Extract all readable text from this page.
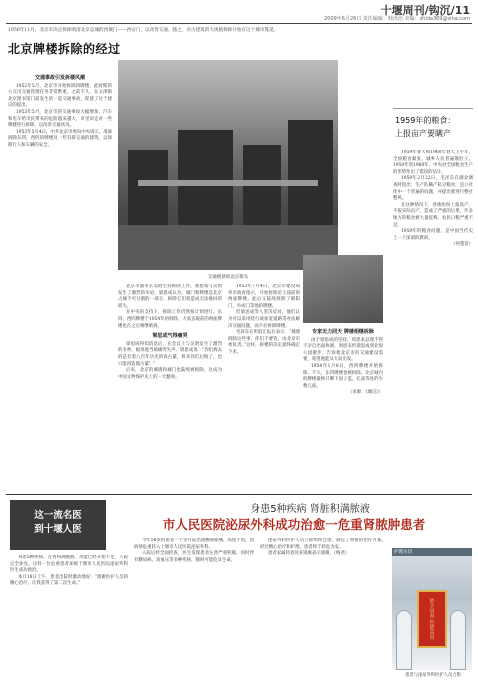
十堰周刊/钩沉/11
2009年6月26日 责任编辑：韩泽治 美编：zhida369@sina.com
1950年11月，北京市决定拆除明清北京总城的西城门——西安门，以改善交通。随之，对古建筑的大规模拆除开始在这个城市蔓延。
北京牌楼拆除的经过
交通事故引发拆楼风潮

1952年5月，北京市开始拆除四牌楼，此时期的公交司交通管理任务非常繁重。之前不久，在文津街北京图书馆门前发生的一起交通事故，促使了这个建议的提出。

1953年5月，北京市的交通事故大幅增加，汽车和电车给市民带来的危险越来越大，市里决定对一些牌楼进行拆除，以改善交通状况。

1953年5月4日，中共北京市委向中央请示，准备拆除东四、西四的牌楼及一些有碍交通的建筑，以保障行人和车辆的安全。

交通拥挤的北京街头

北京市副市长吴晗主持拆除工作。梁思成与吴晗发生了激烈的争论，梁思成认为，城门和牌楼是北京古城不可分割的一部分，拆除它们将造成无法挽回的损失。

在中央的支持下，拆除工作仍然按计划进行。东四、西四牌楼于1954年初拆除，大高玄殿前的两座牌楼也在之后相继被拆。

梁思成气得痛哭

梁思成得知消息后，在会议上与吴晗发生了激烈的争吵，据说他当场痛哭失声。梁思成说：“你们拆去的是有着八百年历史的真古董，将来你们后悔了，也只能再造假古董！”

后来，北京的城墙和城门也陆续被拆除，这成为中国文物保护史上的一大憾事。

1953年7月4日，北京市建设局奉市政府指示，开始拆除帝王庙前的两座牌楼。此后又陆续拆除了朝阳门、阜成门等地的牌楼。

但梁思成等人坚决反对，他们认为可以采用绕行或加宽道路等办法解决交通问题，而不必拆除牌楼。

毛泽东在听取汇报后表示：“城墙拆除这些事，你们不要管，由北京市委负责。”这样，拆楼的决定最终确定下来。

专家无力回天 牌楼相继拆除

由于梁思成的坚持，周恩来总理不得不亲自出面协调。周恩来约梁思成到北海公园散步，告诉他北京市的交通建设需要，希望他能从大局出发。

1954年1月8日，西四牌楼开始拆除。不久，东四牌楼也被拆除。北京城内的牌楼最终只剩下国子监、孔庙等处的少数几座。

（来源：《城记》）

1959年的粮食：
上报亩产要瞒产

1959年春天和1960年春天上半年，全国粮食紧张，城乡人民普遍饿肚子。1959年到1960年，中央对全国粮食生产的形势作出了错误的估计。

1959年2月22日，毛泽东在湖北调查时指出：生产队瞒产私分粮食，是公社化中一个普遍的问题，并提出要进行整社整风。

在这种情况下，各地纷纷上报高产，不报实际亩产，造成了严重的后果，许多地方的粮食被大量征购，农民口粮严重不足。

1959年的粮食问题，是中国当代史上一个深刻的教训。

（何蔓苗）

这一流名医
到十堰人医
身患5种疾病 肾脏积满脓液
市人民医院泌尿外科成功治愈一危重肾脓肿患者

身患5种疾病，左肾和满腹液、功能已经开始不足，人院完全休克。这样一位危重患者却被十堰市人民医院泌尿外科医生成功救治。

本月18日上午，患者出院时激动地说：“感谢医护人员的精心治疗，让我获得了第二次生命。”

今年58岁的患者一个多月前出现腰部胀痛、高烧不退，因病情危重转入十堰市人民医院泌尿外科。

入院后经全面检查，医生发现患者左肾严重积脓，同时伴有糖尿病、高血压等多种疾病，随时可能危及生命。

泌尿外科医护人员立即组织会诊，制定了周密的治疗方案，经过精心治疗和护理，患者终于转危为安。

患者家属特意送来锦旗表示感谢。（梅君）

妙手回春 医德高尚
护理关切
患者与泌尿外科医护人员合影
